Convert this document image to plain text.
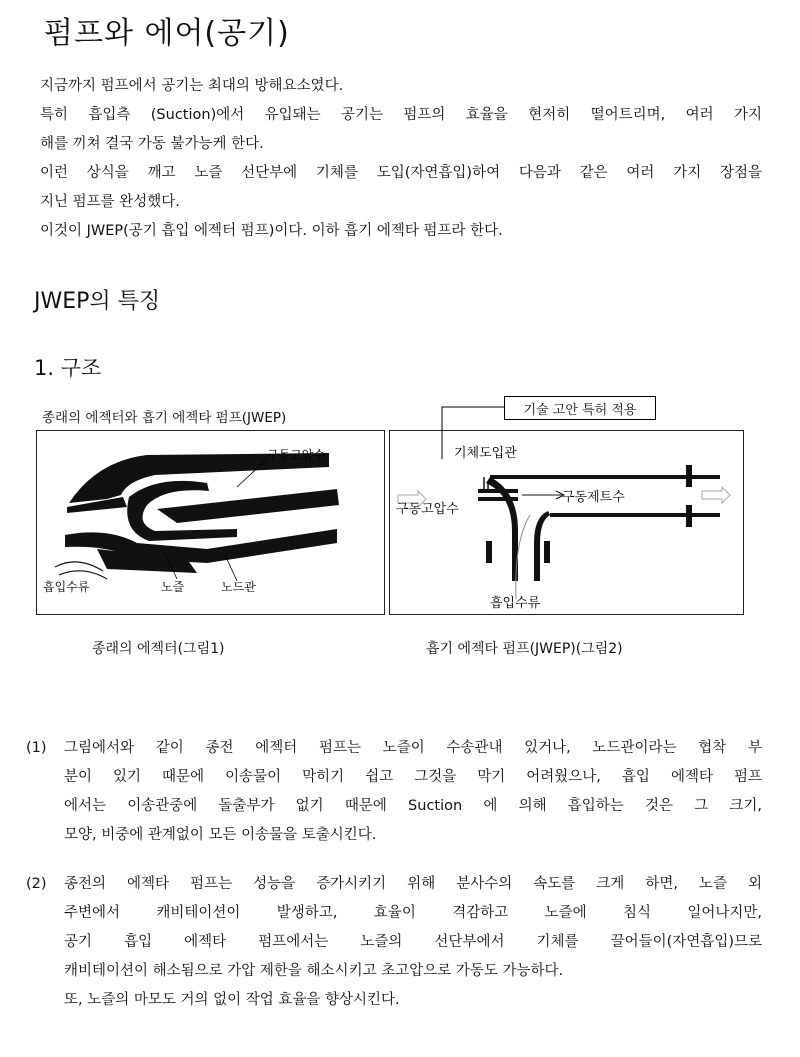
펌프와 에어(공기)
지금까지 펌프에서 공기는 최대의 방해요소였다.
특히 흡입측 (Suction)에서 유입돼는 공기는 펌프의 효율을 현저히 떨어트리며, 여러 가지
해를 끼쳐 결국 가동 불가능케 한다.
이런 상식을 깨고 노즐 선단부에 기체를 도입(자연흡입)하여 다음과 같은 여러 가지 장점을
지닌 펌프를 완성했다.
이것이 JWEP(공기 흡입 에젝터 펌프)이다. 이하 흡기 에젝타 펌프라 한다.
JWEP의 특징
1. 구조
종래의 에젝터와 흡기 에젝타 펌프(JWEP)	기술 고안 특허 적용
구동고압수
흡입수류	노즐	노드관
기체도입관
구동고압수
구동제트수
흡입수류
종래의 에젝터(그림1)	흡기 에젝타 펌프(JWEP)(그림2)
(1)	그림에서와 같이 종전 에젝터 펌프는 노즐이 수송관내 있거나, 노드관이라는 협착 부
분이 있기 때문에 이송물이 막히기 쉽고 그것을 막기 어려웠으나, 흡입 에젝타 펌프
에서는 이송관중에 돌출부가 없기 때문에 Suction 에 의해 흡입하는 것은 그 크기,
모양, 비중에 관계없이 모든 이송물을 토출시킨다.
(2)	종전의 에젝타 펌프는 성능을 증가시키기 위해 분사수의 속도를 크게 하면, 노즐 외
주변에서 캐비테이션이 발생하고, 효율이 격감하고 노즐에 침식 일어나지만,
공기 흡입 에젝타 펌프에서는 노즐의 선단부에서 기체를 끌어들이(자연흡입)므로
캐비테이션이 해소됨으로 가압 제한을 해소시키고 초고압으로 가동도 가능하다.
또, 노즐의 마모도 거의 없이 작업 효율을 향상시킨다.
